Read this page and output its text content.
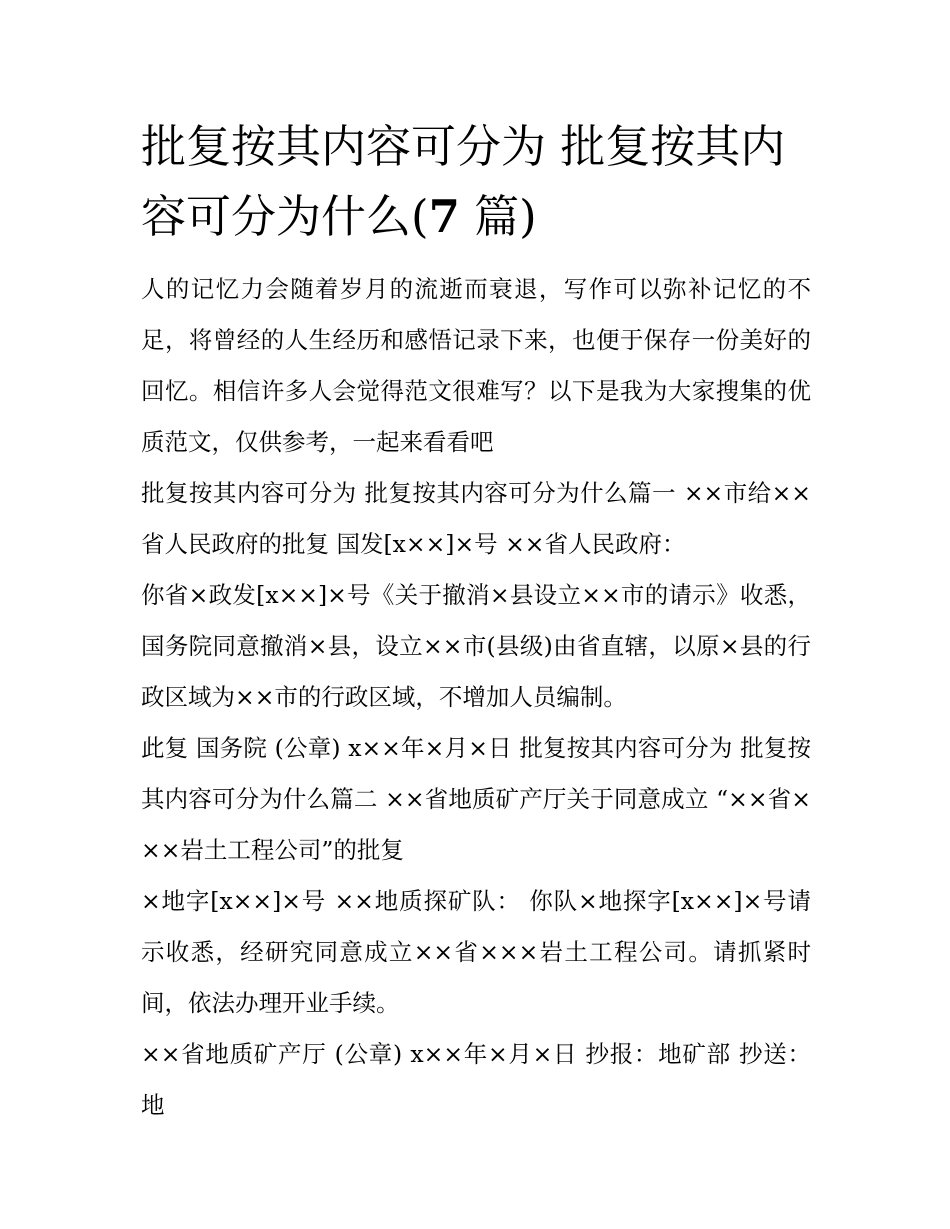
批复按其内容可分为 批复按其内容可分为什么(7 篇)

人的记忆力会随着岁月的流逝而衰退，写作可以弥补记忆的不足，将曾经的人生经历和感悟记录下来，也便于保存一份美好的回忆。相信许多人会觉得范文很难写？以下是我为大家搜集的优质范文，仅供参考，一起来看看吧

批复按其内容可分为 批复按其内容可分为什么篇一 ××市给××省人民政府的批复 国发[x××]×号 ××省人民政府：

你省×政发[x××]×号《关于撤消×县设立××市的请示》收悉，国务院同意撤消×县，设立××市(县级)由省直辖，以原×县的行政区域为××市的行政区域，不增加人员编制。

此复 国务院 (公章) x××年×月×日 批复按其内容可分为 批复按其内容可分为什么篇二 ××省地质矿产厅关于同意成立 “××省×××岩土工程公司”的批复

×地字[x××]×号 ××地质探矿队： 你队×地探字[x××]×号请示收悉，经研究同意成立××省×××岩土工程公司。请抓紧时间，依法办理开业手续。

××省地质矿产厅 (公章) x××年×月×日 抄报：地矿部 抄送：地
